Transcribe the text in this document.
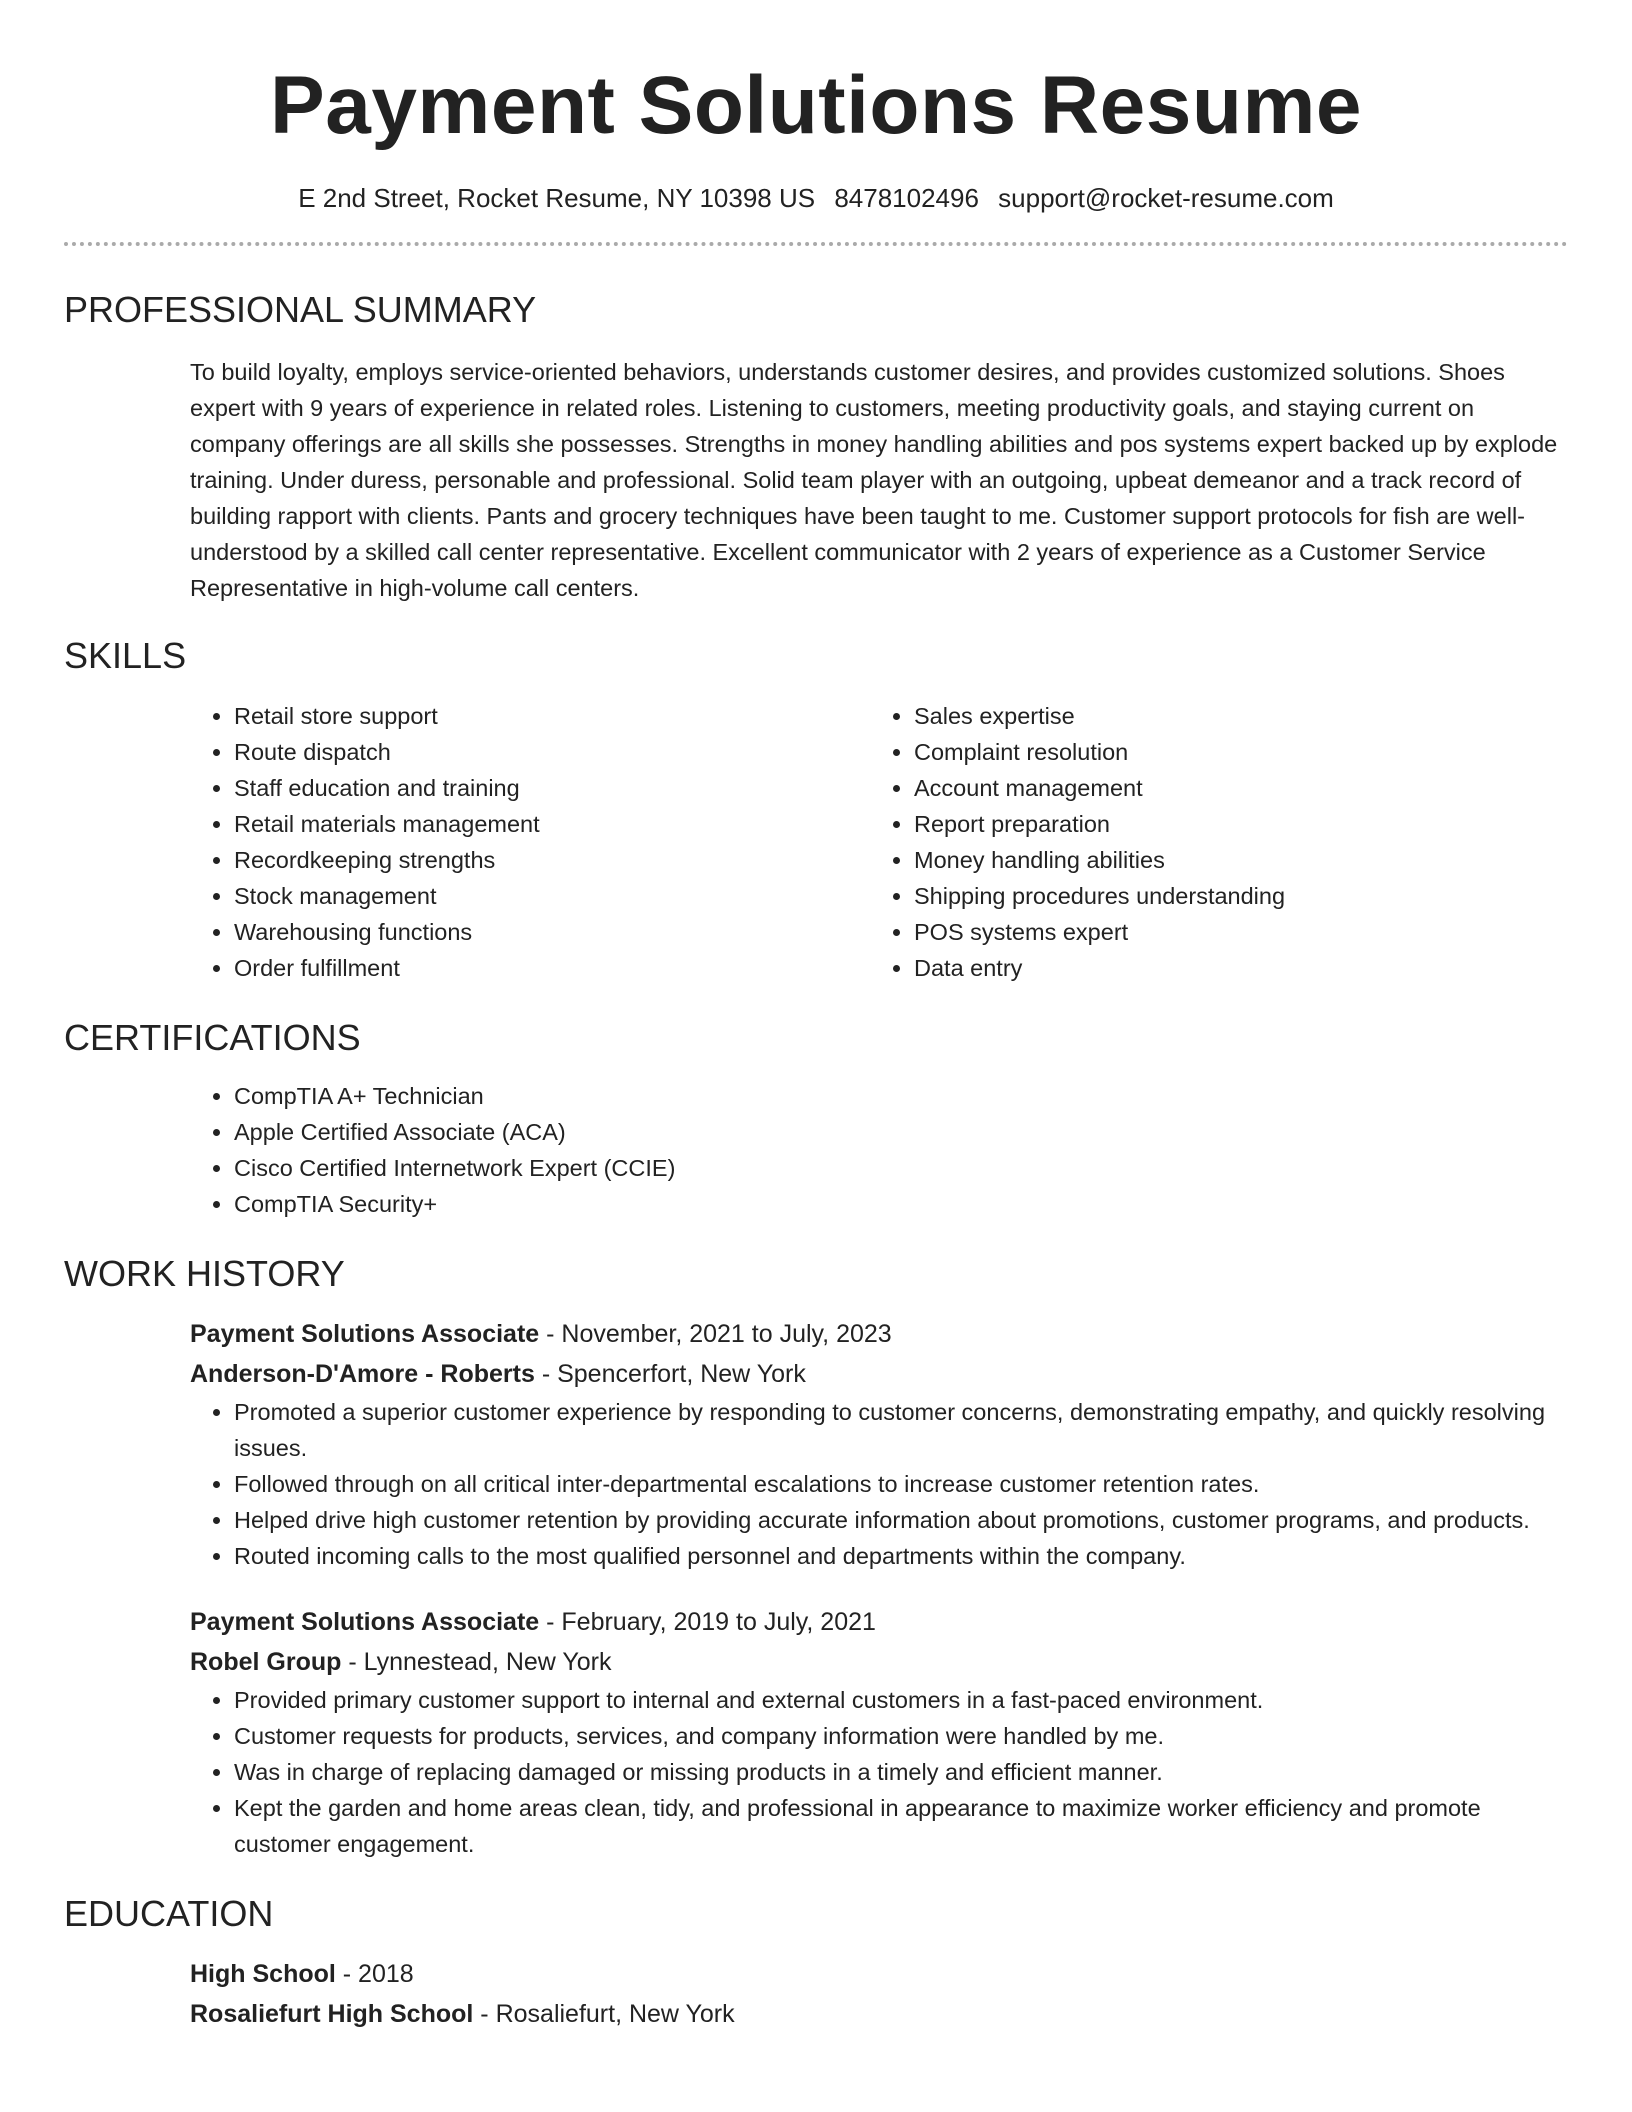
Payment Solutions Resume
E 2nd Street, Rocket Resume, NY 10398 US 8478102496 support@rocket-resume.com
PROFESSIONAL SUMMARY

To build loyalty, employs service-oriented behaviors, understands customer desires, and provides customized solutions. Shoes expert with 9 years of experience in related roles. Listening to customers, meeting productivity goals, and staying current on company offerings are all skills she possesses. Strengths in money handling abilities and pos systems expert backed up by explode training. Under duress, personable and professional. Solid team player with an outgoing, upbeat demeanor and a track record of building rapport with clients. Pants and grocery techniques have been taught to me. Customer support protocols for fish are well-understood by a skilled call center representative. Excellent communicator with 2 years of experience as a Customer Service Representative in high-volume call centers.

SKILLS
• Retail store support
• Route dispatch
• Staff education and training
• Retail materials management
• Recordkeeping strengths
• Stock management
• Warehousing functions
• Order fulfillment
• Sales expertise
• Complaint resolution
• Account management
• Report preparation
• Money handling abilities
• Shipping procedures understanding
• POS systems expert
• Data entry
CERTIFICATIONS
• CompTIA A+ Technician
• Apple Certified Associate (ACA)
• Cisco Certified Internetwork Expert (CCIE)
• CompTIA Security+
WORK HISTORY
Payment Solutions Associate - November, 2021 to July, 2023
Anderson-D'Amore - Roberts - Spencerfort, New York
• Promoted a superior customer experience by responding to customer concerns, demonstrating empathy, and quickly resolving issues.
• Followed through on all critical inter-departmental escalations to increase customer retention rates.
• Helped drive high customer retention by providing accurate information about promotions, customer programs, and products.
• Routed incoming calls to the most qualified personnel and departments within the company.
Payment Solutions Associate - February, 2019 to July, 2021
Robel Group - Lynnestead, New York
• Provided primary customer support to internal and external customers in a fast-paced environment.
• Customer requests for products, services, and company information were handled by me.
• Was in charge of replacing damaged or missing products in a timely and efficient manner.
• Kept the garden and home areas clean, tidy, and professional in appearance to maximize worker efficiency and promote customer engagement.
EDUCATION
High School - 2018
Rosaliefurt High School - Rosaliefurt, New York
